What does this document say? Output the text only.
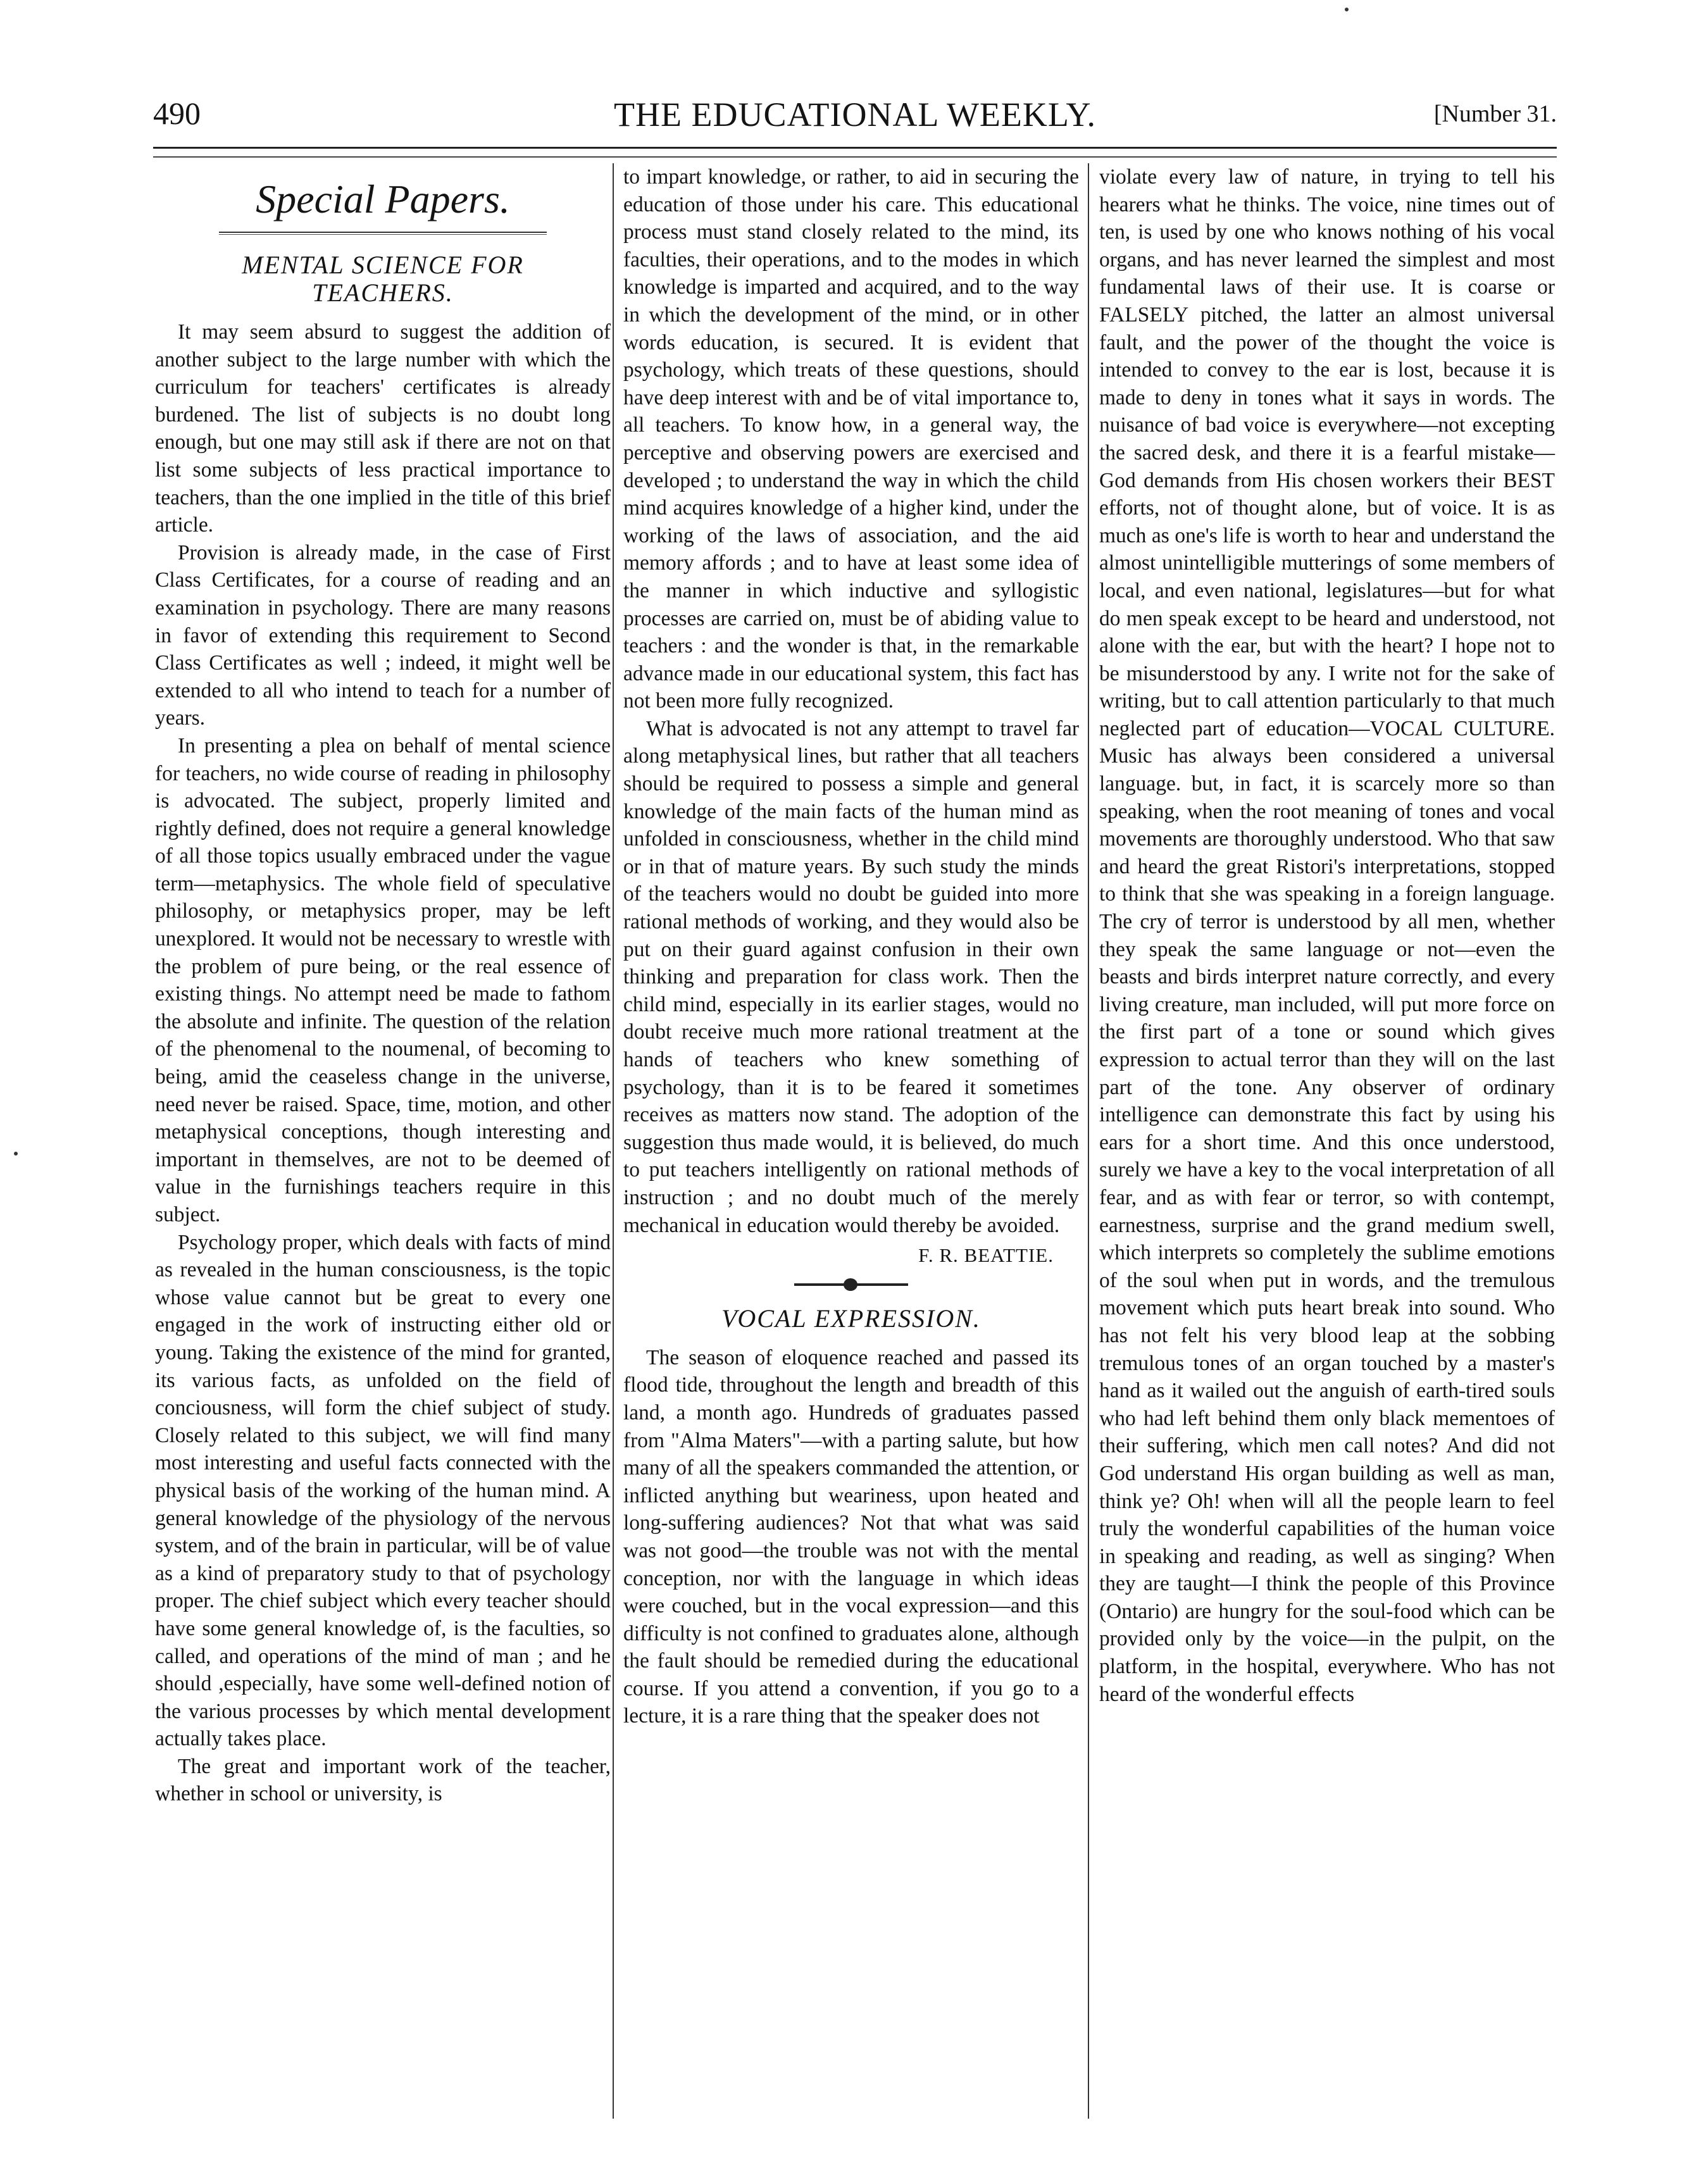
490	THE EDUCATIONAL WEEKLY.	[Number 31.
Special Papers.
MENTAL SCIENCE FOR TEACHERS.

It may seem absurd to suggest the addition of another subject to the large number with which the curriculum for teachers' certificates is already burdened. The list of subjects is no doubt long enough, but one may still ask if there are not on that list some subjects of less practical importance to teachers, than the one implied in the title of this brief article.

Provision is already made, in the case of First Class Certificates, for a course of reading and an examination in psychology. There are many reasons in favor of extending this requirement to Second Class Certificates as well ; indeed, it might well be extended to all who intend to teach for a number of years.

In presenting a plea on behalf of mental science for teachers, no wide course of reading in philosophy is advocated. The subject, properly limited and rightly defined, does not require a general knowledge of all those topics usually embraced under the vague term—metaphysics. The whole field of speculative philosophy, or metaphysics proper, may be left unexplored. It would not be necessary to wrestle with the problem of pure being, or the real essence of existing things. No attempt need be made to fathom the absolute and infinite. The question of the relation of the phenomenal to the noumenal, of becoming to being, amid the ceaseless change in the universe, need never be raised. Space, time, motion, and other metaphysical conceptions, though interesting and important in themselves, are not to be deemed of value in the furnishings teachers require in this subject.

Psychology proper, which deals with facts of mind as revealed in the human consciousness, is the topic whose value cannot but be great to every one engaged in the work of instructing either old or young. Taking the existence of the mind for granted, its various facts, as unfolded on the field of conciousness, will form the chief subject of study. Closely related to this subject, we will find many most interesting and useful facts connected with the physical basis of the working of the human mind. A general knowledge of the physiology of the nervous system, and of the brain in particular, will be of value as a kind of preparatory study to that of psychology proper. The chief subject which every teacher should have some general knowledge of, is the faculties, so called, and operations of the mind of man ; and he should ,especially, have some well-defined notion of the various processes by which mental development actually takes place.

The great and important work of the teacher, whether in school or university, is

to impart knowledge, or rather, to aid in securing the education of those under his care. This educational process must stand closely related to the mind, its faculties, their operations, and to the modes in which knowledge is imparted and acquired, and to the way in which the development of the mind, or in other words education, is secured. It is evident that psychology, which treats of these questions, should have deep interest with and be of vital importance to, all teachers. To know how, in a general way, the perceptive and observing powers are exercised and developed ; to understand the way in which the child mind acquires knowledge of a higher kind, under the working of the laws of association, and the aid memory affords ; and to have at least some idea of the manner in which inductive and syllogistic processes are carried on, must be of abiding value to teachers : and the wonder is that, in the remarkable advance made in our educational system, this fact has not been more fully recognized.

What is advocated is not any attempt to travel far along metaphysical lines, but rather that all teachers should be required to possess a simple and general knowledge of the main facts of the human mind as unfolded in consciousness, whether in the child mind or in that of mature years. By such study the minds of the teachers would no doubt be guided into more rational methods of working, and they would also be put on their guard against confusion in their own thinking and preparation for class work. Then the child mind, especially in its earlier stages, would no doubt receive much more rational treatment at the hands of teachers who knew something of psychology, than it is to be feared it sometimes receives as matters now stand. The adoption of the suggestion thus made would, it is believed, do much to put teachers intelligently on rational methods of instruction ; and no doubt much of the merely mechanical in education would thereby be avoided.

F. R. BEATTIE.
VOCAL EXPRESSION.

The season of eloquence reached and passed its flood tide, throughout the length and breadth of this land, a month ago. Hundreds of graduates passed from "Alma Maters"—with a parting salute, but how many of all the speakers commanded the attention, or inflicted anything but weariness, upon heated and long-suffering audiences? Not that what was said was not good—the trouble was not with the mental conception, nor with the language in which ideas were couched, but in the vocal expression—and this difficulty is not confined to graduates alone, although the fault should be remedied during the educational course. If you attend a convention, if you go to a lecture, it is a rare thing that the speaker does not

violate every law of nature, in trying to tell his hearers what he thinks. The voice, nine times out of ten, is used by one who knows nothing of his vocal organs, and has never learned the simplest and most fundamental laws of their use. It is coarse or FALSELY pitched, the latter an almost universal fault, and the power of the thought the voice is intended to convey to the ear is lost, because it is made to deny in tones what it says in words. The nuisance of bad voice is everywhere—not excepting the sacred desk, and there it is a fearful mistake—God demands from His chosen workers their BEST efforts, not of thought alone, but of voice. It is as much as one's life is worth to hear and understand the almost unintelligible mutterings of some members of local, and even national, legislatures—but for what do men speak except to be heard and understood, not alone with the ear, but with the heart? I hope not to be misunderstood by any. I write not for the sake of writing, but to call attention particularly to that much neglected part of education—VOCAL CULTURE. Music has always been considered a universal language. but, in fact, it is scarcely more so than speaking, when the root meaning of tones and vocal movements are thoroughly understood. Who that saw and heard the great Ristori's interpretations, stopped to think that she was speaking in a foreign language. The cry of terror is understood by all men, whether they speak the same language or not—even the beasts and birds interpret nature correctly, and every living creature, man included, will put more force on the first part of a tone or sound which gives expression to actual terror than they will on the last part of the tone. Any observer of ordinary intelligence can demonstrate this fact by using his ears for a short time. And this once understood, surely we have a key to the vocal interpretation of all fear, and as with fear or terror, so with contempt, earnestness, surprise and the grand medium swell, which interprets so completely the sublime emotions of the soul when put in words, and the tremulous movement which puts heart break into sound. Who has not felt his very blood leap at the sobbing tremulous tones of an organ touched by a master's hand as it wailed out the anguish of earth-tired souls who had left behind them only black mementoes of their suffering, which men call notes? And did not God understand His organ building as well as man, think ye? Oh! when will all the people learn to feel truly the wonderful capabilities of the human voice in speaking and reading, as well as singing? When they are taught—I think the people of this Province (Ontario) are hungry for the soul-food which can be provided only by the voice—in the pulpit, on the platform, in the hospital, everywhere. Who has not heard of the wonderful effects
